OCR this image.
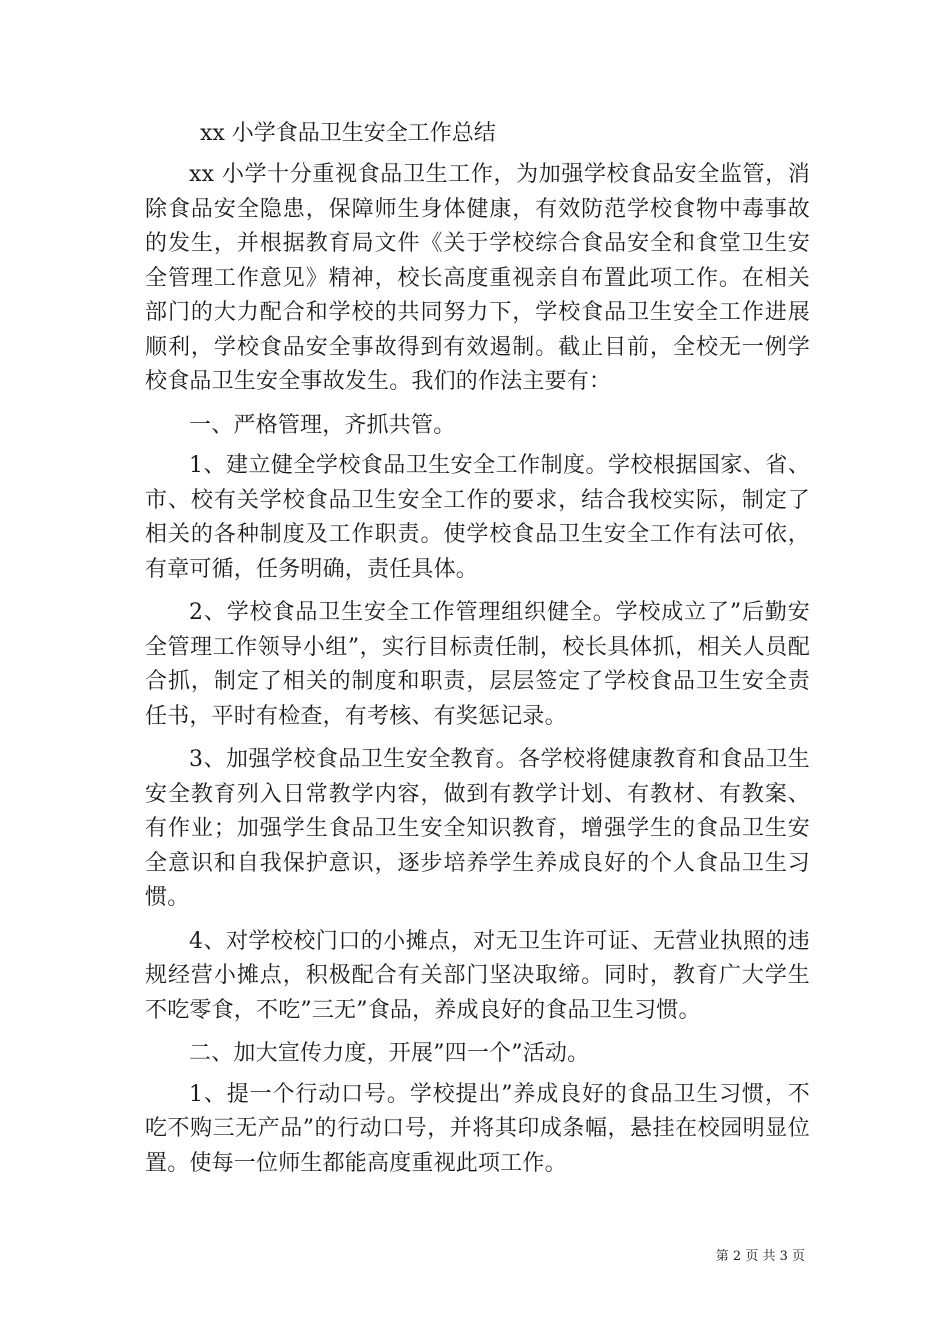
xx 小学食品卫生安全工作总结

xx 小学十分重视食品卫生工作，为加强学校食品安全监管，消除食品安全隐患，保障师生身体健康，有效防范学校食物中毒事故的发生，并根据教育局文件《关于学校综合食品安全和食堂卫生安全管理工作意见》精神，校长高度重视亲自布置此项工作。在相关部门的大力配合和学校的共同努力下，学校食品卫生安全工作进展顺利，学校食品安全事故得到有效遏制。截止目前，全校无一例学校食品卫生安全事故发生。我们的作法主要有：

一、严格管理，齐抓共管。

1、建立健全学校食品卫生安全工作制度。学校根据国家、省、市、校有关学校食品卫生安全工作的要求，结合我校实际，制定了相关的各种制度及工作职责。使学校食品卫生安全工作有法可依，有章可循，任务明确，责任具体。

2、学校食品卫生安全工作管理组织健全。学校成立了”后勤安全管理工作领导小组”，实行目标责任制，校长具体抓，相关人员配合抓，制定了相关的制度和职责，层层签定了学校食品卫生安全责任书，平时有检查，有考核、有奖惩记录。

3、加强学校食品卫生安全教育。各学校将健康教育和食品卫生安全教育列入日常教学内容，做到有教学计划、有教材、有教案、有作业；加强学生食品卫生安全知识教育，增强学生的食品卫生安全意识和自我保护意识，逐步培养学生养成良好的个人食品卫生习惯。

4、对学校校门口的小摊点，对无卫生许可证、无营业执照的违规经营小摊点，积极配合有关部门坚决取缔。同时，教育广大学生不吃零食，不吃”三无”食品，养成良好的食品卫生习惯。

二、加大宣传力度，开展”四一个”活动。

1、提一个行动口号。学校提出”养成良好的食品卫生习惯，不吃不购三无产品”的行动口号，并将其印成条幅，悬挂在校园明显位置。使每一位师生都能高度重视此项工作。

第 2 页 共 3 页
